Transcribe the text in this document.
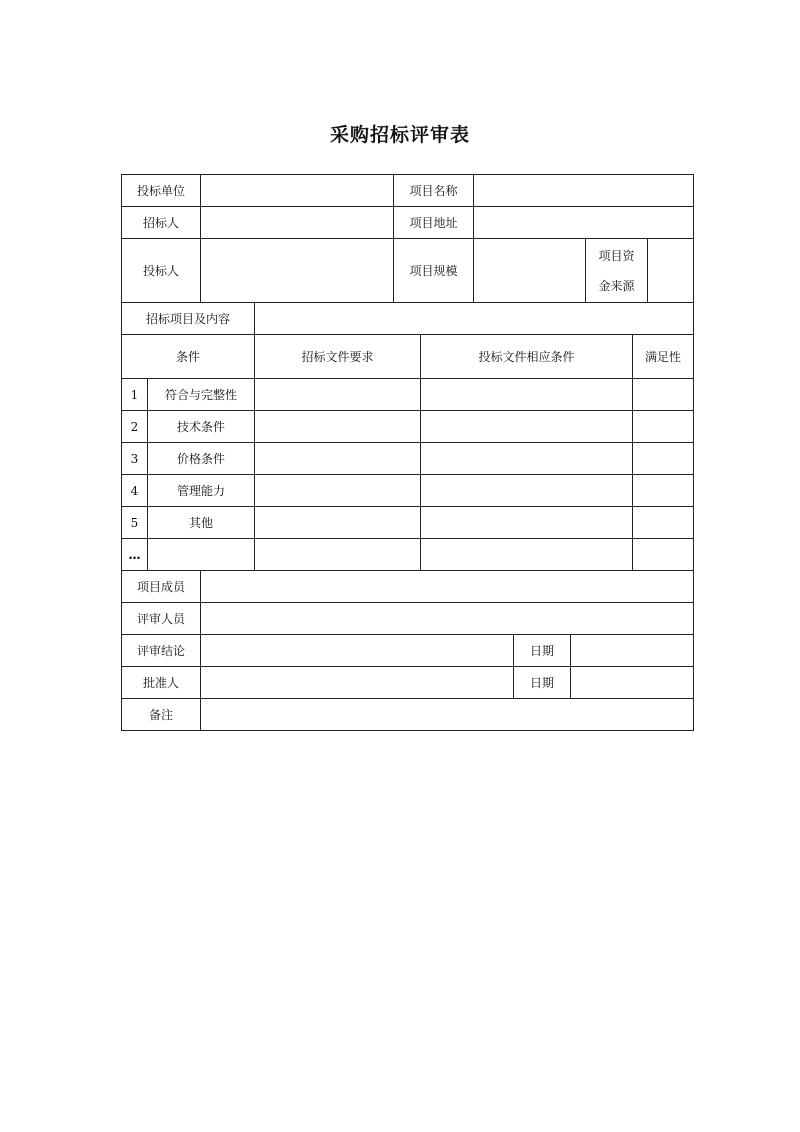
采购招标评审表
投标单位	项目名称
招标人	项目地址
投标人	项目规模
项目资
金来源
招标项目及内容
条件	招标文件要求	投标文件相应条件	满足性
1	符合与完整性
2	技术条件
3	价格条件
4	管理能力
5	其他
…
项目成员
评审人员
评审结论	日期
批准人	日期
备注
